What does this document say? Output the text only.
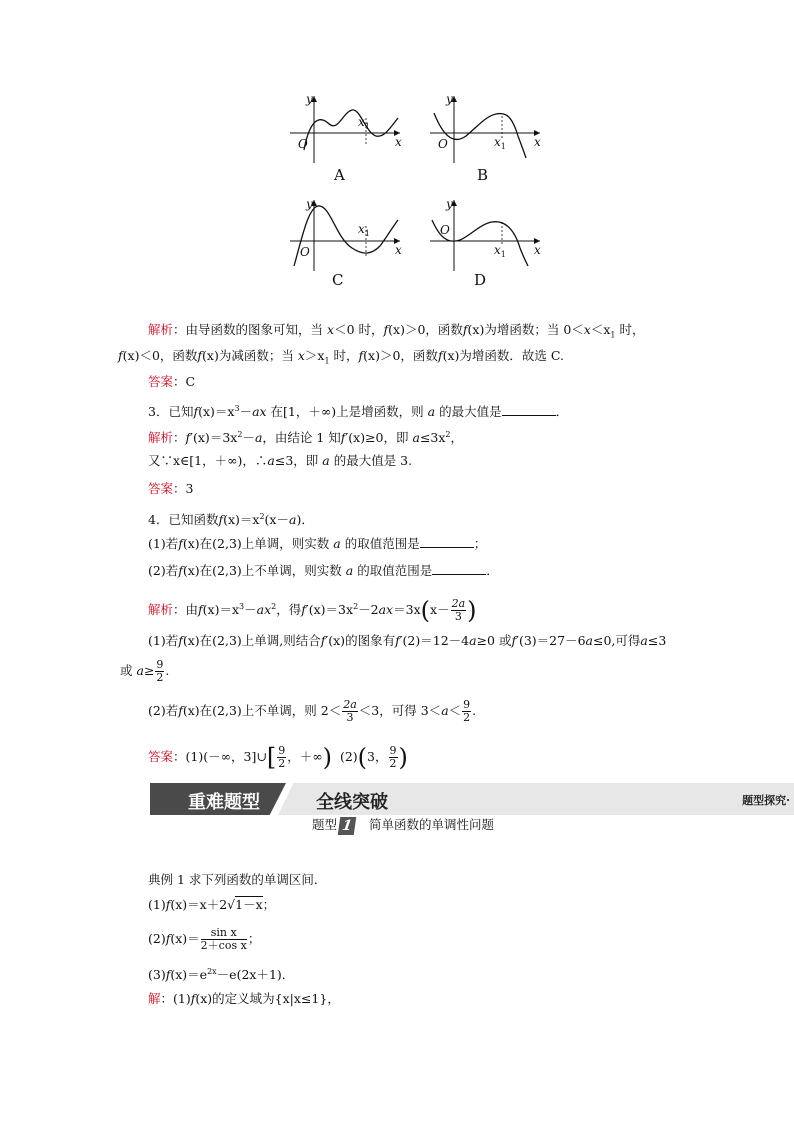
y
x
O
$x_1$
A
y
x
O	$x_1$
B
y
x
O
$x_1$
C
y
x
O
$x_1$
D
解析：由导函数的图象可知，当 x＜0 时，f(x)＞0，函数f(x)为增函数；当 $0<x<x_1$ 时，
f(x)＜0，函数f(x)为减函数；当 $x>x_1$ 时，f(x)＞0，函数f(x)为增函数．故选 C.
答案：C
3．已知$f(x)=x^3-ax$ 在[1，＋∞)上是增函数，则 a 的最大值是	．
解析：$f'(x)=3x^2-a$，由结论 1 知f′(x)≥0，即 $a\le 3x^2$，
又∵x∈[1，＋∞)，∴a≤3，即 a 的最大值是 3.
答案：3
4．已知函数$f(x)=x^2(x-a)$．
(1)若f(x)在(2,3)上单调，则实数 a 的取值范围是	；
(2)若f(x)在(2,3)上不单调，则实数 a 的取值范围是	．
解析：由$f(x)=x^3-ax^2$，得$f'(x)=3x^2-2ax=3x(x- \frac{2a}{3}$ )
(1)若f(x)在(2,3)上单调,则结合f′(x)的图象有f′(2)＝12－4a≥0 或f′(3)＝27－6a≤0,可得a≤3
或 $a\ge \frac{9}{2}$ .
(2)若f(x)在(2,3)上不单调，则 $2< \frac{2a}{3} <3$，可得 $3<a< \frac{9}{2}$ .
答案：(1)(－∞，3]∪[ $\frac{9}{2}$ ，＋∞) (2)(3， $\frac{9}{2}$ )
重难题型	全线突破	题型探究·
题型 1 简单函数的单调性问题
典例 1 求下列函数的单调区间．
(1)f(x)＝x＋2√1－x；
$(2)f(x)= \frac{\text{sin x}}{\text{2＋cos x}}$ ；
$(3)f(x)=e^{2x}-e(2x+1)$．
解：(1)f(x)的定义域为{x|x≤1}，
